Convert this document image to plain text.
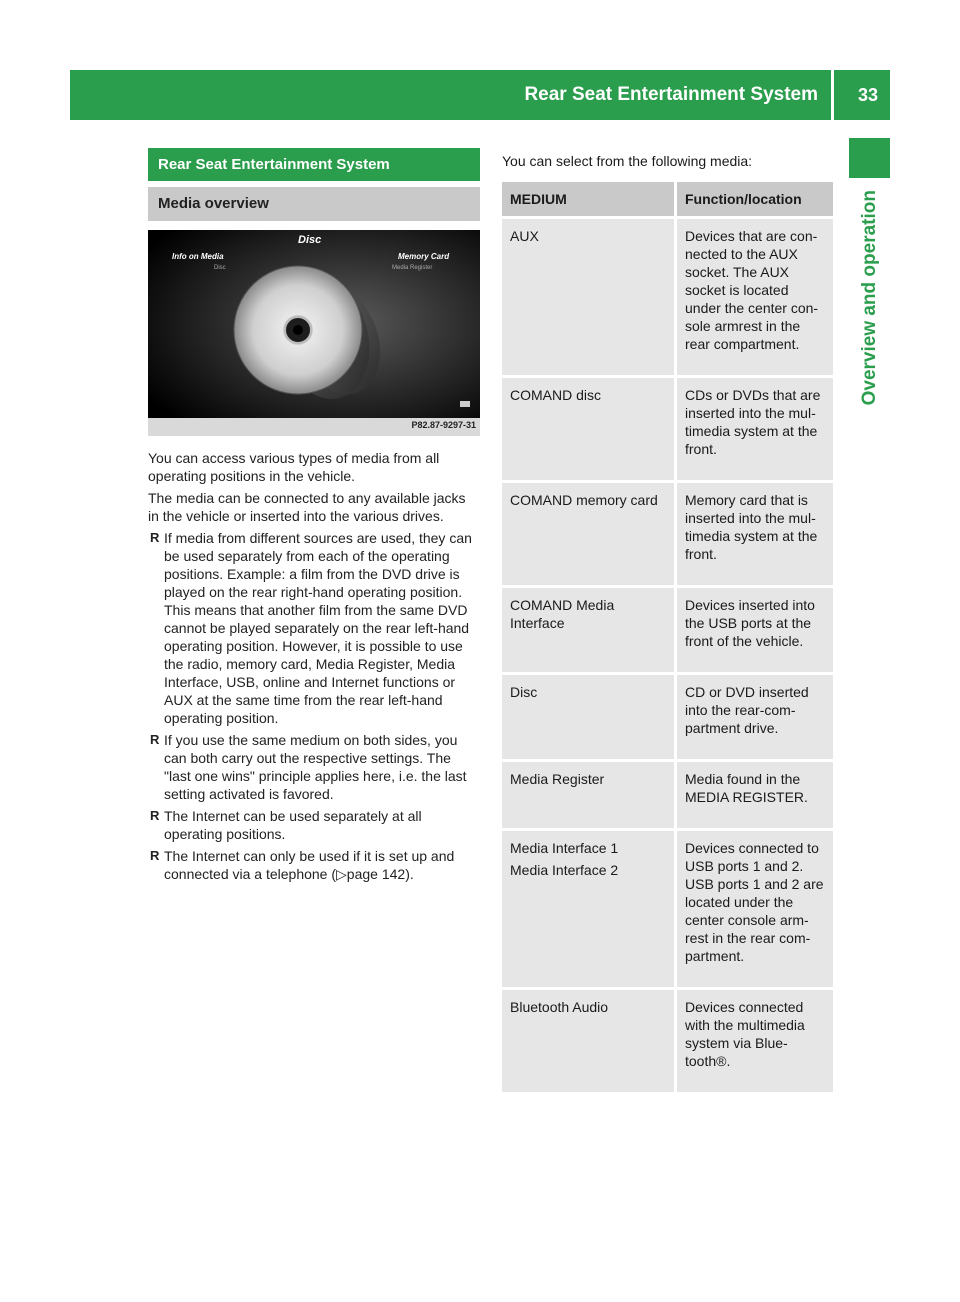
Rear Seat Entertainment System 33
Overview and operation
Rear Seat Entertainment System
Media overview
Disc
Info on Media
Disc
Memory Card
Media Register
P82.87-9297-31

You can access various types of media from all operating positions in the vehicle.

The media can be connected to any available jacks in the vehicle or inserted into the various drives.

R If media from different sources are used, they can be used separately from each of the operating positions. Example: a film from the DVD drive is played on the rear right-hand operating position. This means that another film from the same DVD cannot be played separately on the rear left-hand operating position. However, it is possible to use the radio, memory card, Media Register, Media Interface, USB, online and Internet functions or AUX at the same time from the rear left-hand operating position.
R If you use the same medium on both sides, you can both carry out the respective settings. The "last one wins" principle applies here, i.e. the last setting activated is favored.
R The Internet can be used separately at all operating positions.
R The Internet can only be used if it is set up and connected via a telephone (▷page 142).
You can select from the following media:
MEDIUM	Function/location

AUX	Devices that are con-nected to the AUX socket. The AUX socket is located under the center con-sole armrest in the rear compartment.

COMAND disc	CDs or DVDs that are inserted into the mul-timedia system at the front.

COMAND memory card	Memory card that is inserted into the mul-timedia system at the front.

COMAND Media Interface	Devices inserted into the USB ports at the front of the vehicle.

Disc	CD or DVD inserted into the rear-com-partment drive.

Media Register	Media found in the MEDIA REGISTER.

Media Interface 1
Media Interface 2	Devices connected to USB ports 1 and 2. USB ports 1 and 2 are located under the center console arm-rest in the rear com-partment.

Bluetooth Audio	Devices connected with the multimedia system via Blue-tooth®.
